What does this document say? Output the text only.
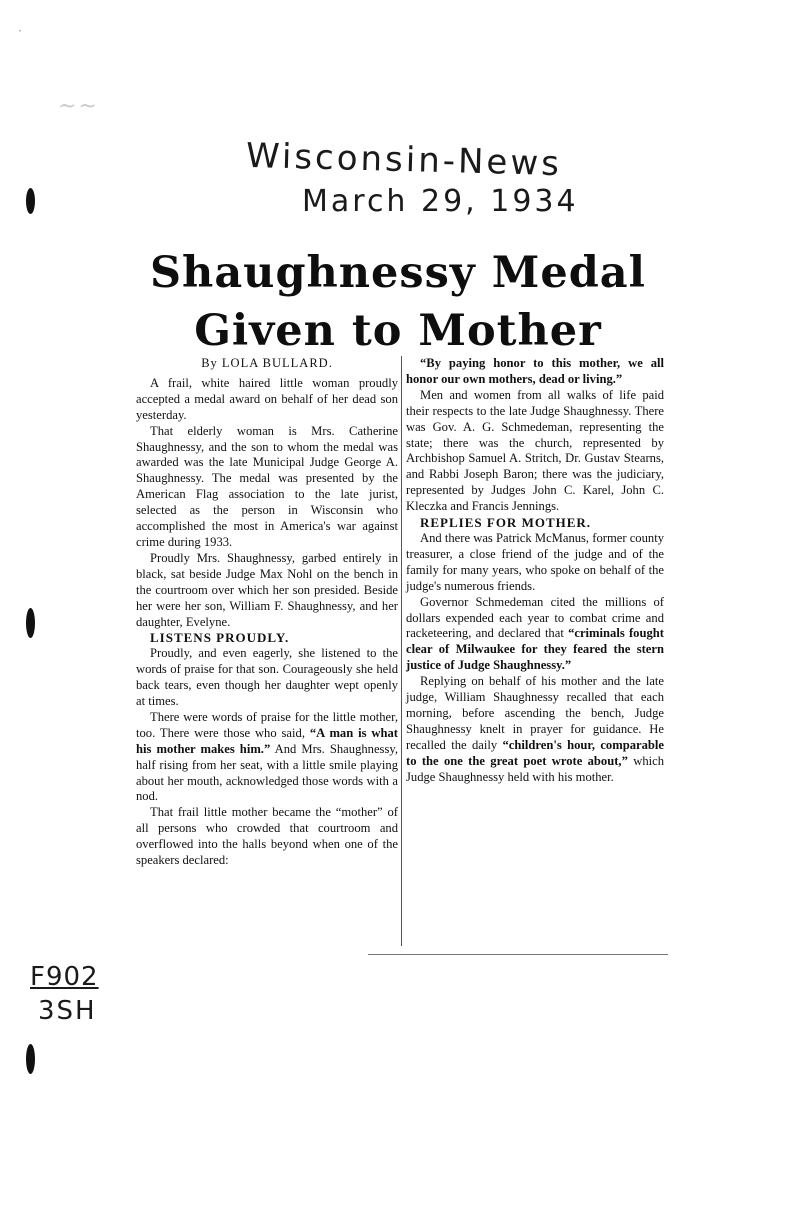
·
~~
Wisconsin-News
March 29, 1934
F902
3SH
Shaughnessy Medal
Given to Mother
By LOLA BULLARD.

A frail, white haired little woman proudly accepted a medal award on behalf of her dead son yesterday.

That elderly woman is Mrs. Catherine Shaughnessy, and the son to whom the medal was awarded was the late Municipal Judge George A. Shaughnessy. The medal was presented by the American Flag association to the late jurist, selected as the person in Wisconsin who accomplished the most in America's war against crime during 1933.

Proudly Mrs. Shaughnessy, garbed entirely in black, sat beside Judge Max Nohl on the bench in the courtroom over which her son presided. Beside her were her son, William F. Shaughnessy, and her daughter, Evelyne.

LISTENS PROUDLY.

Proudly, and even eagerly, she listened to the words of praise for that son. Courageously she held back tears, even though her daughter wept openly at times.

There were words of praise for the little mother, too. There were those who said, “A man is what his mother makes him.” And Mrs. Shaughnessy, half rising from her seat, with a little smile playing about her mouth, acknowledged those words with a nod.

That frail little mother became the “mother” of all persons who crowded that courtroom and overflowed into the halls beyond when one of the speakers declared:

“By paying honor to this mother, we all honor our own mothers, dead or living.”

Men and women from all walks of life paid their respects to the late Judge Shaughnessy. There was Gov. A. G. Schmedeman, representing the state; there was the church, represented by Archbishop Samuel A. Stritch, Dr. Gustav Stearns, and Rabbi Joseph Baron; there was the judiciary, represented by Judges John C. Karel, John C. Kleczka and Francis Jennings.

REPLIES FOR MOTHER.

And there was Patrick McManus, former county treasurer, a close friend of the judge and of the family for many years, who spoke on behalf of the judge's numerous friends.

Governor Schmedeman cited the millions of dollars expended each year to combat crime and racketeering, and declared that “criminals fought clear of Milwaukee for they feared the stern justice of Judge Shaughnessy.”

Replying on behalf of his mother and the late judge, William Shaughnessy recalled that each morning, before ascending the bench, Judge Shaughnessy knelt in prayer for guidance. He recalled the daily “children's hour, comparable to the one the great poet wrote about,” which Judge Shaughnessy held with his mother.
